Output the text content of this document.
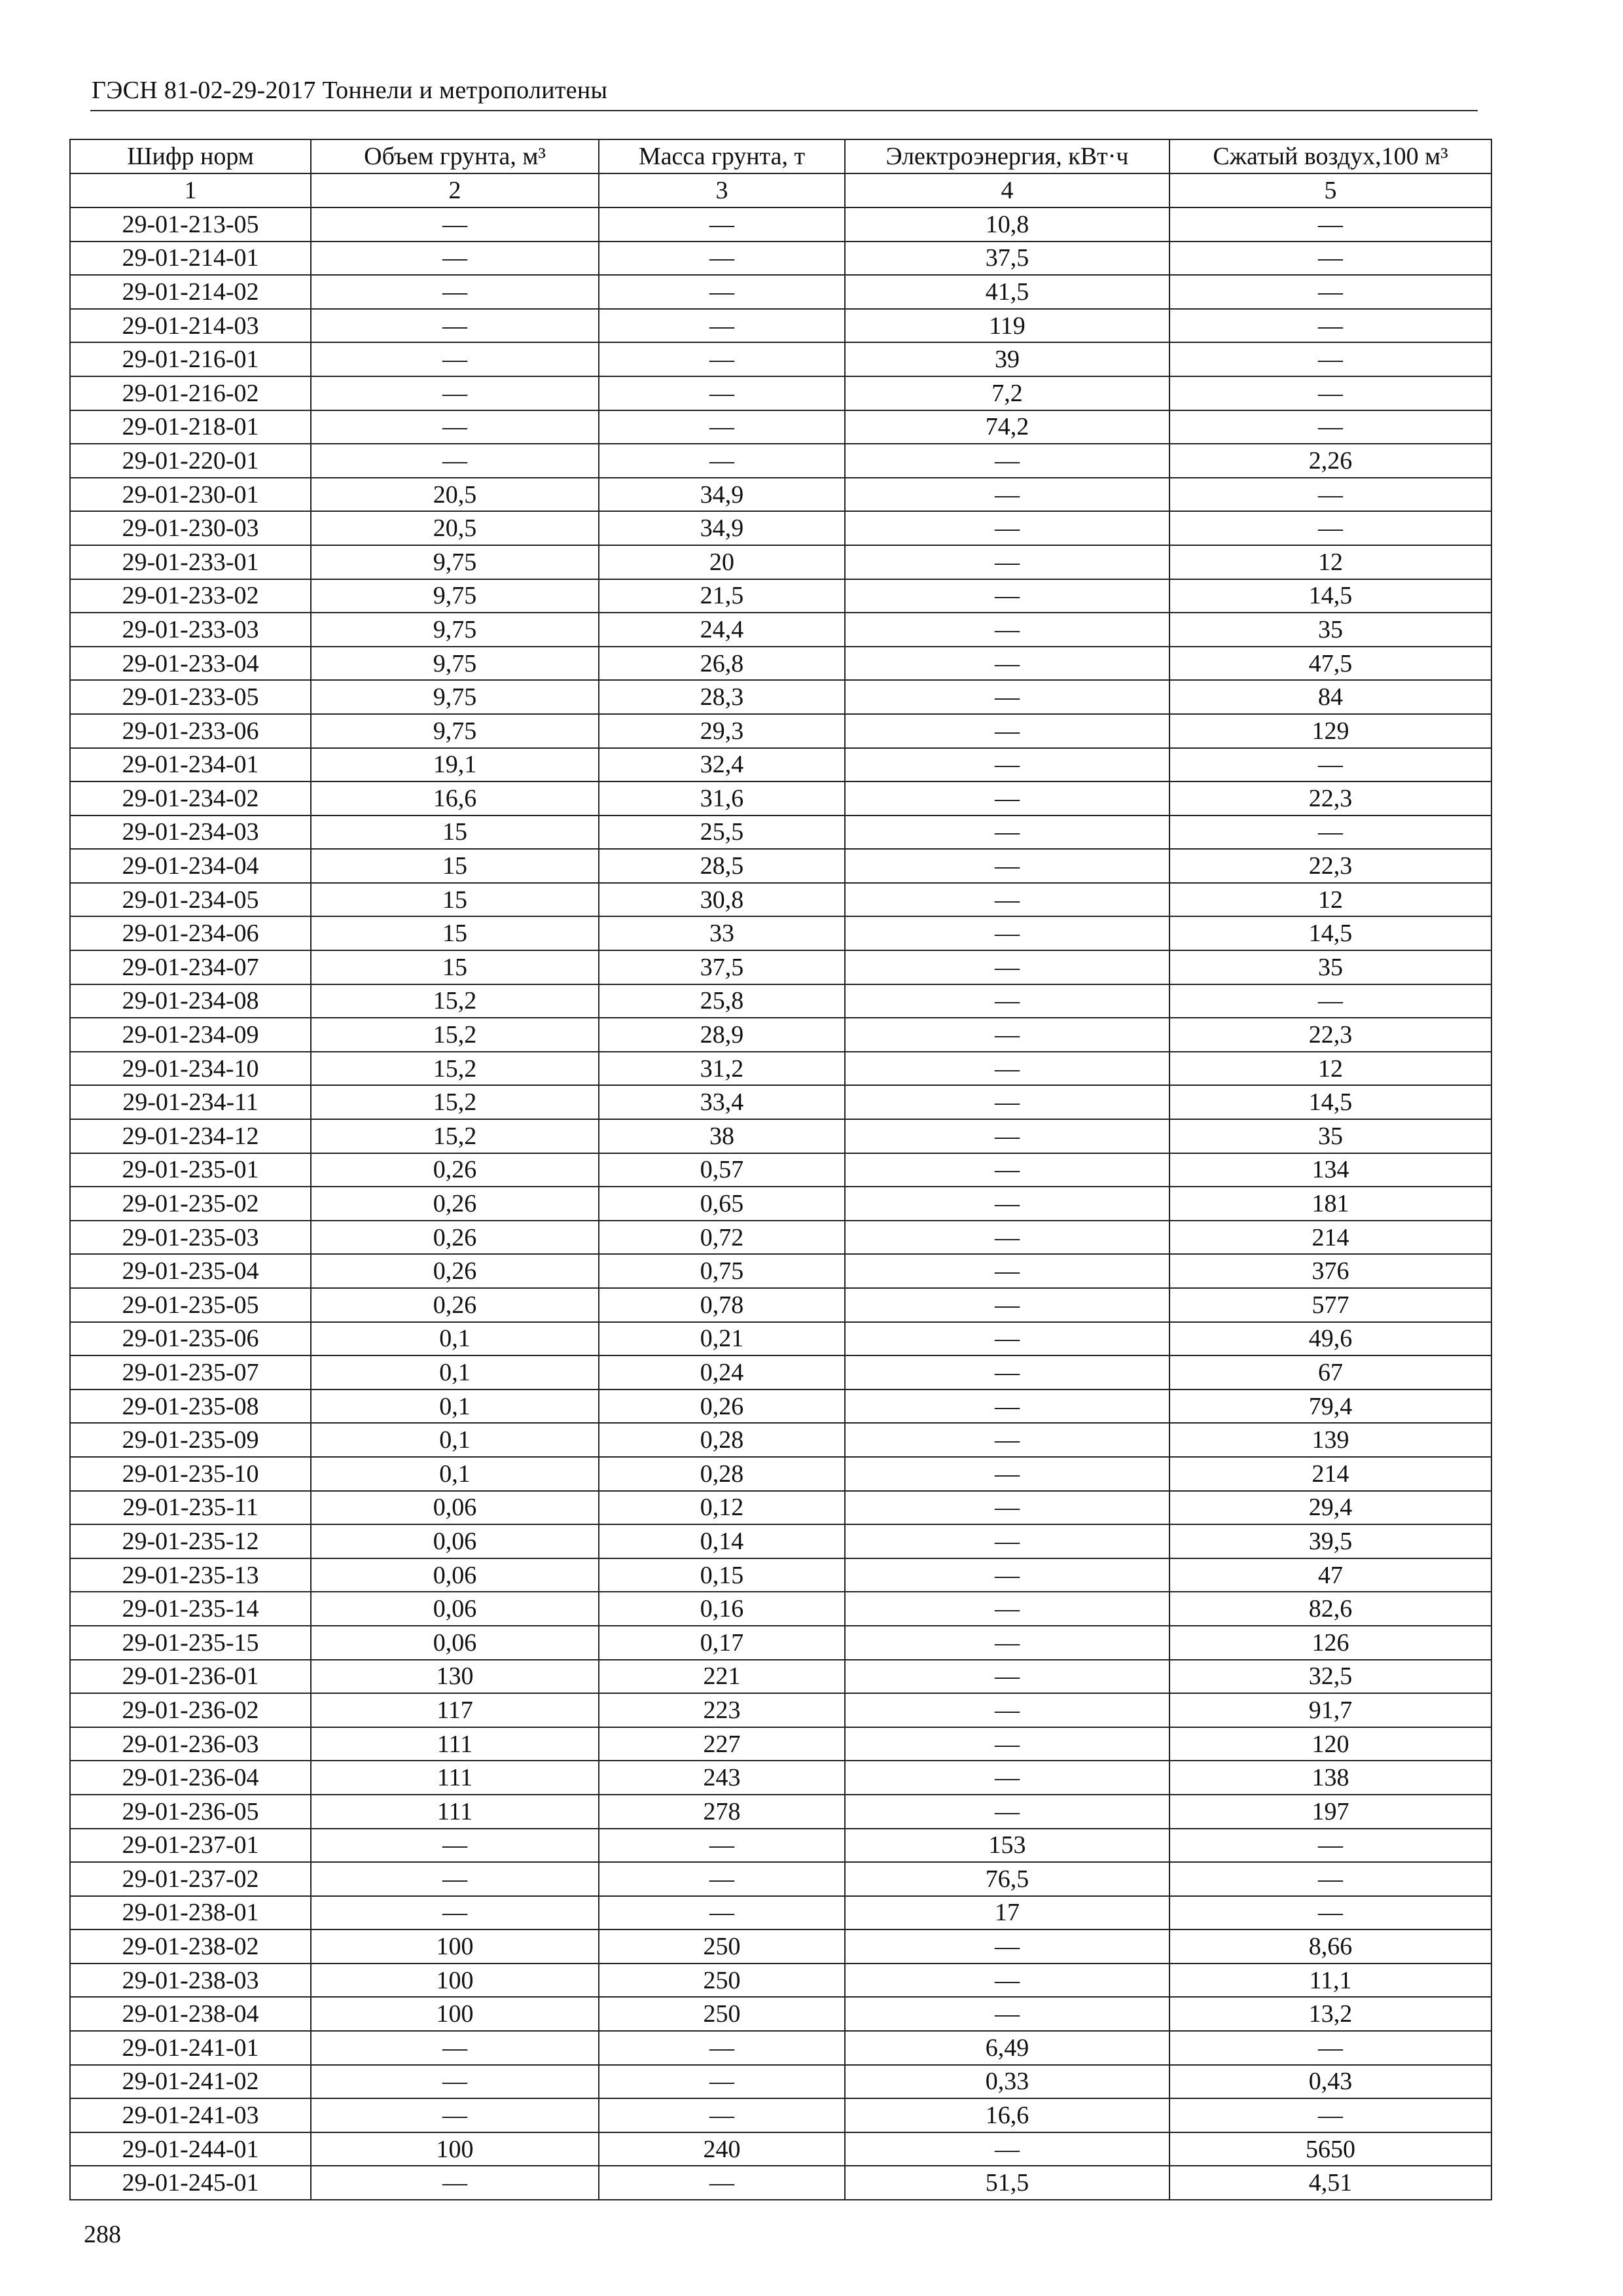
ГЭСН 81-02-29-2017 Тоннели и метрополитены
Шифр норм	Объем грунта, м³	Масса грунта, т	Электроэнергия, кВт·ч	Сжатый воздух,100 м³
1	2	3	4	5
29-01-213-05	—	—	10,8	—
29-01-214-01	—	—	37,5	—
29-01-214-02	—	—	41,5	—
29-01-214-03	—	—	119	—
29-01-216-01	—	—	39	—
29-01-216-02	—	—	7,2	—
29-01-218-01	—	—	74,2	—
29-01-220-01	—	—	—	2,26
29-01-230-01	20,5	34,9	—	—
29-01-230-03	20,5	34,9	—	—
29-01-233-01	9,75	20	—	12
29-01-233-02	9,75	21,5	—	14,5
29-01-233-03	9,75	24,4	—	35
29-01-233-04	9,75	26,8	—	47,5
29-01-233-05	9,75	28,3	—	84
29-01-233-06	9,75	29,3	—	129
29-01-234-01	19,1	32,4	—	—
29-01-234-02	16,6	31,6	—	22,3
29-01-234-03	15	25,5	—	—
29-01-234-04	15	28,5	—	22,3
29-01-234-05	15	30,8	—	12
29-01-234-06	15	33	—	14,5
29-01-234-07	15	37,5	—	35
29-01-234-08	15,2	25,8	—	—
29-01-234-09	15,2	28,9	—	22,3
29-01-234-10	15,2	31,2	—	12
29-01-234-11	15,2	33,4	—	14,5
29-01-234-12	15,2	38	—	35
29-01-235-01	0,26	0,57	—	134
29-01-235-02	0,26	0,65	—	181
29-01-235-03	0,26	0,72	—	214
29-01-235-04	0,26	0,75	—	376
29-01-235-05	0,26	0,78	—	577
29-01-235-06	0,1	0,21	—	49,6
29-01-235-07	0,1	0,24	—	67
29-01-235-08	0,1	0,26	—	79,4
29-01-235-09	0,1	0,28	—	139
29-01-235-10	0,1	0,28	—	214
29-01-235-11	0,06	0,12	—	29,4
29-01-235-12	0,06	0,14	—	39,5
29-01-235-13	0,06	0,15	—	47
29-01-235-14	0,06	0,16	—	82,6
29-01-235-15	0,06	0,17	—	126
29-01-236-01	130	221	—	32,5
29-01-236-02	117	223	—	91,7
29-01-236-03	111	227	—	120
29-01-236-04	111	243	—	138
29-01-236-05	111	278	—	197
29-01-237-01	—	—	153	—
29-01-237-02	—	—	76,5	—
29-01-238-01	—	—	17	—
29-01-238-02	100	250	—	8,66
29-01-238-03	100	250	—	11,1
29-01-238-04	100	250	—	13,2
29-01-241-01	—	—	6,49	—
29-01-241-02	—	—	0,33	0,43
29-01-241-03	—	—	16,6	—
29-01-244-01	100	240	—	5650
29-01-245-01	—	—	51,5	4,51
288
